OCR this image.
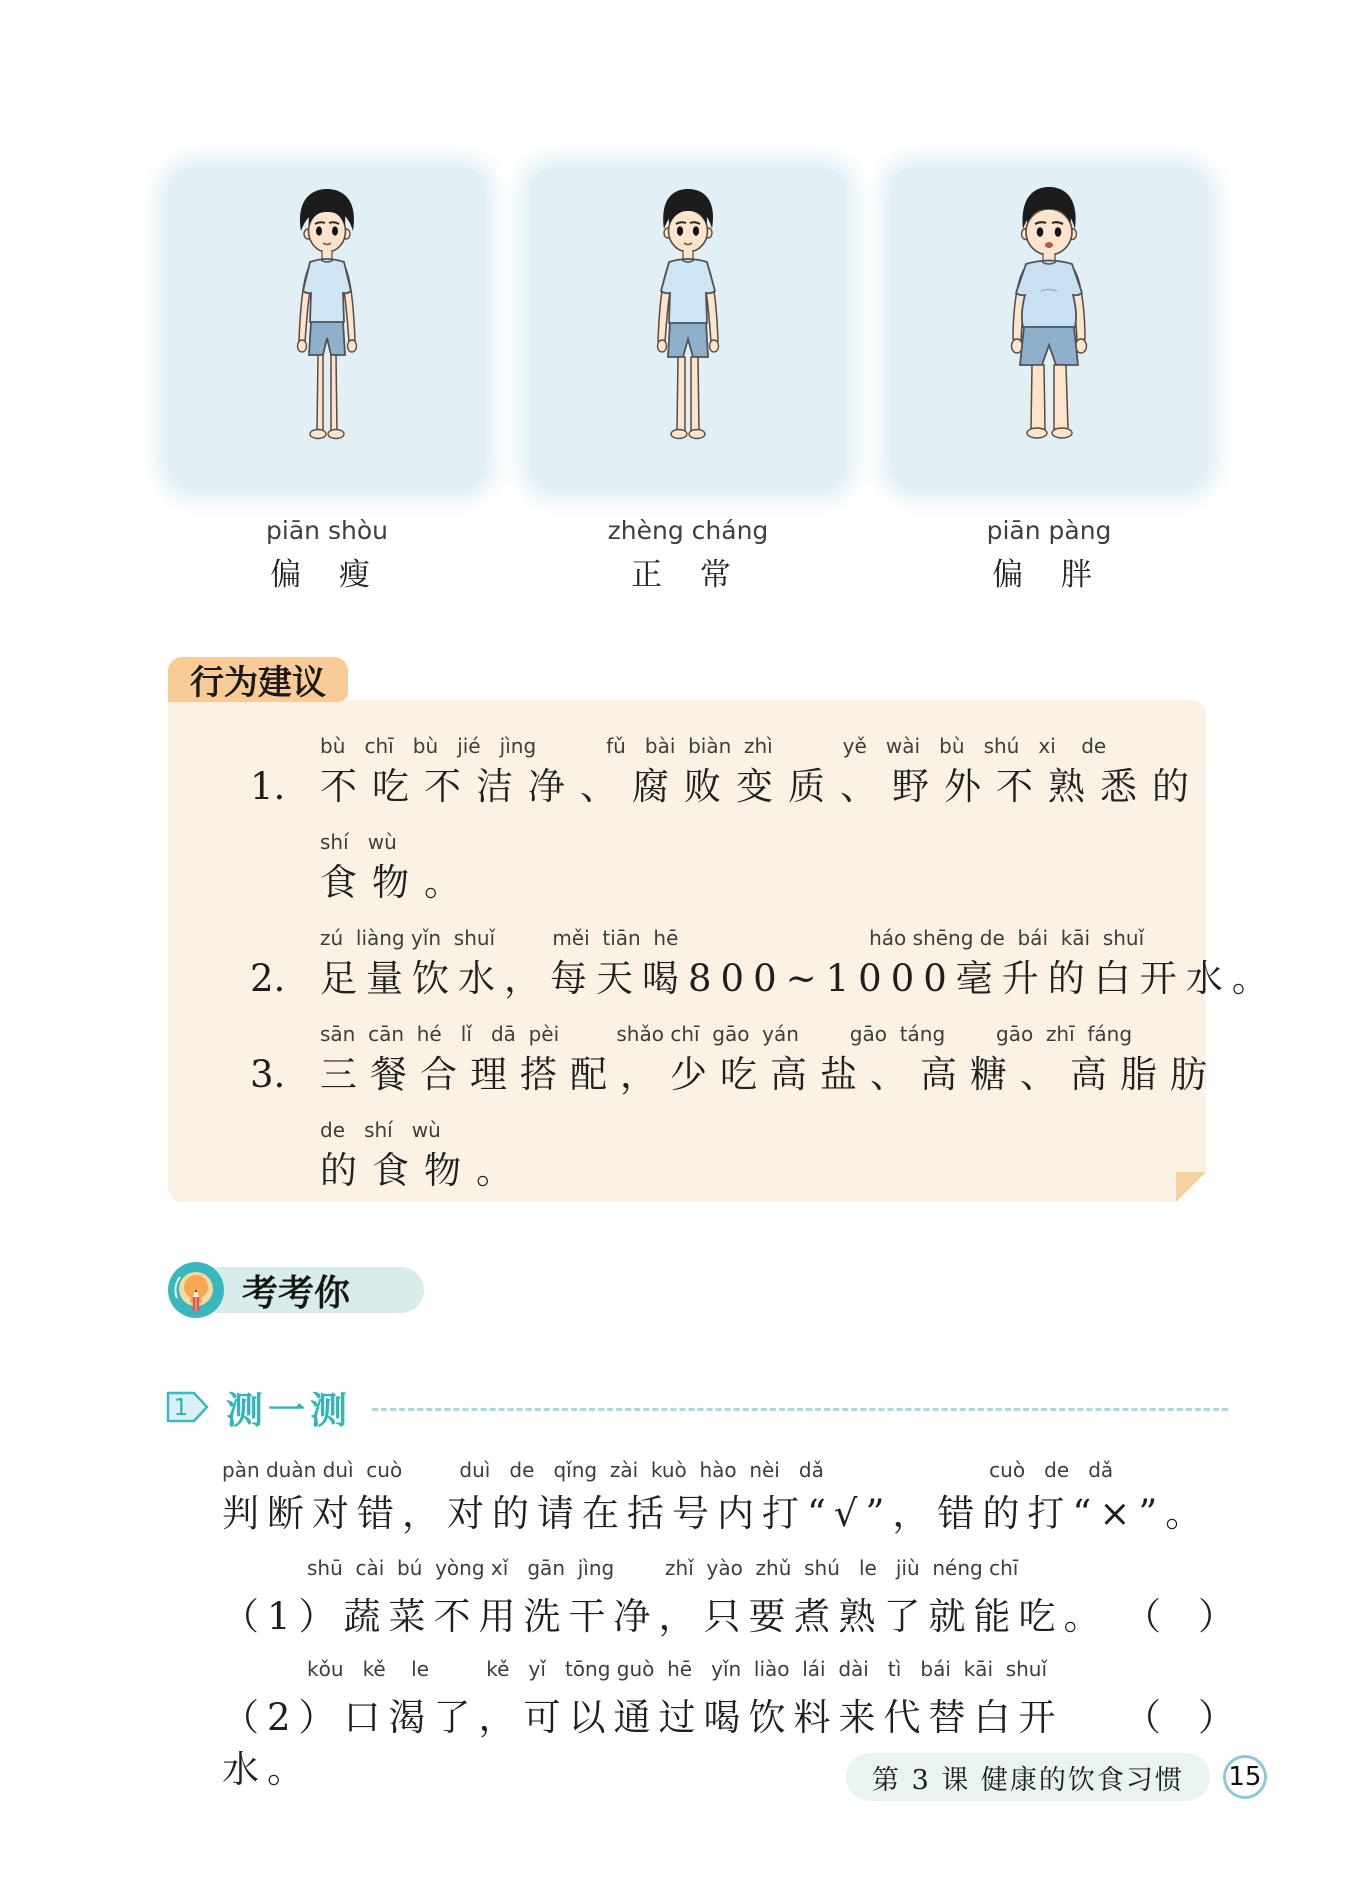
piān shòu
偏 瘦
zhèng cháng
正 常
piān pàng
偏 胖
行为建议
bù   chī   bù   jié   jìng           fǔ   bài  biàn  zhì           yě   wài   bù   shú   xi    de
1. 不吃不洁净、腐败变质、野外不熟悉的
shí   wù
食物。
zú  liàng yǐn  shuǐ         měi  tiān  hē                              háo shēng de  bái  kāi  shuǐ
2. 足量饮水，每天喝800~1000毫升的白开水。
sān  cān  hé   lǐ   dā  pèi         shǎo chī  gāo  yán        gāo  táng        gāo  zhī  fáng
3. 三餐合理搭配，少吃高盐、高糖、高脂肪
de   shí   wù
的食物。
考考你
1 测一测
pàn duàn duì  cuò         duì   de   qǐng  zài  kuò  hào  nèi   dǎ                          cuò   de   dǎ
判断对错，对的请在括号内打“√”，错的打“×”。
shū  cài  bú  yòng xǐ   gān  jìng        zhǐ  yào  zhǔ  shú   le   jiù  néng chī
（1）蔬菜不用洗干净，只要煮熟了就能吃。 （　）
kǒu   kě    le         kě   yǐ   tōng guò  hē   yǐn  liào  lái  dài   tì   bái  kāi  shuǐ
（2）口渴了，可以通过喝饮料来代替白开水。
（　）
第 3 课 健康的饮食习惯 15
